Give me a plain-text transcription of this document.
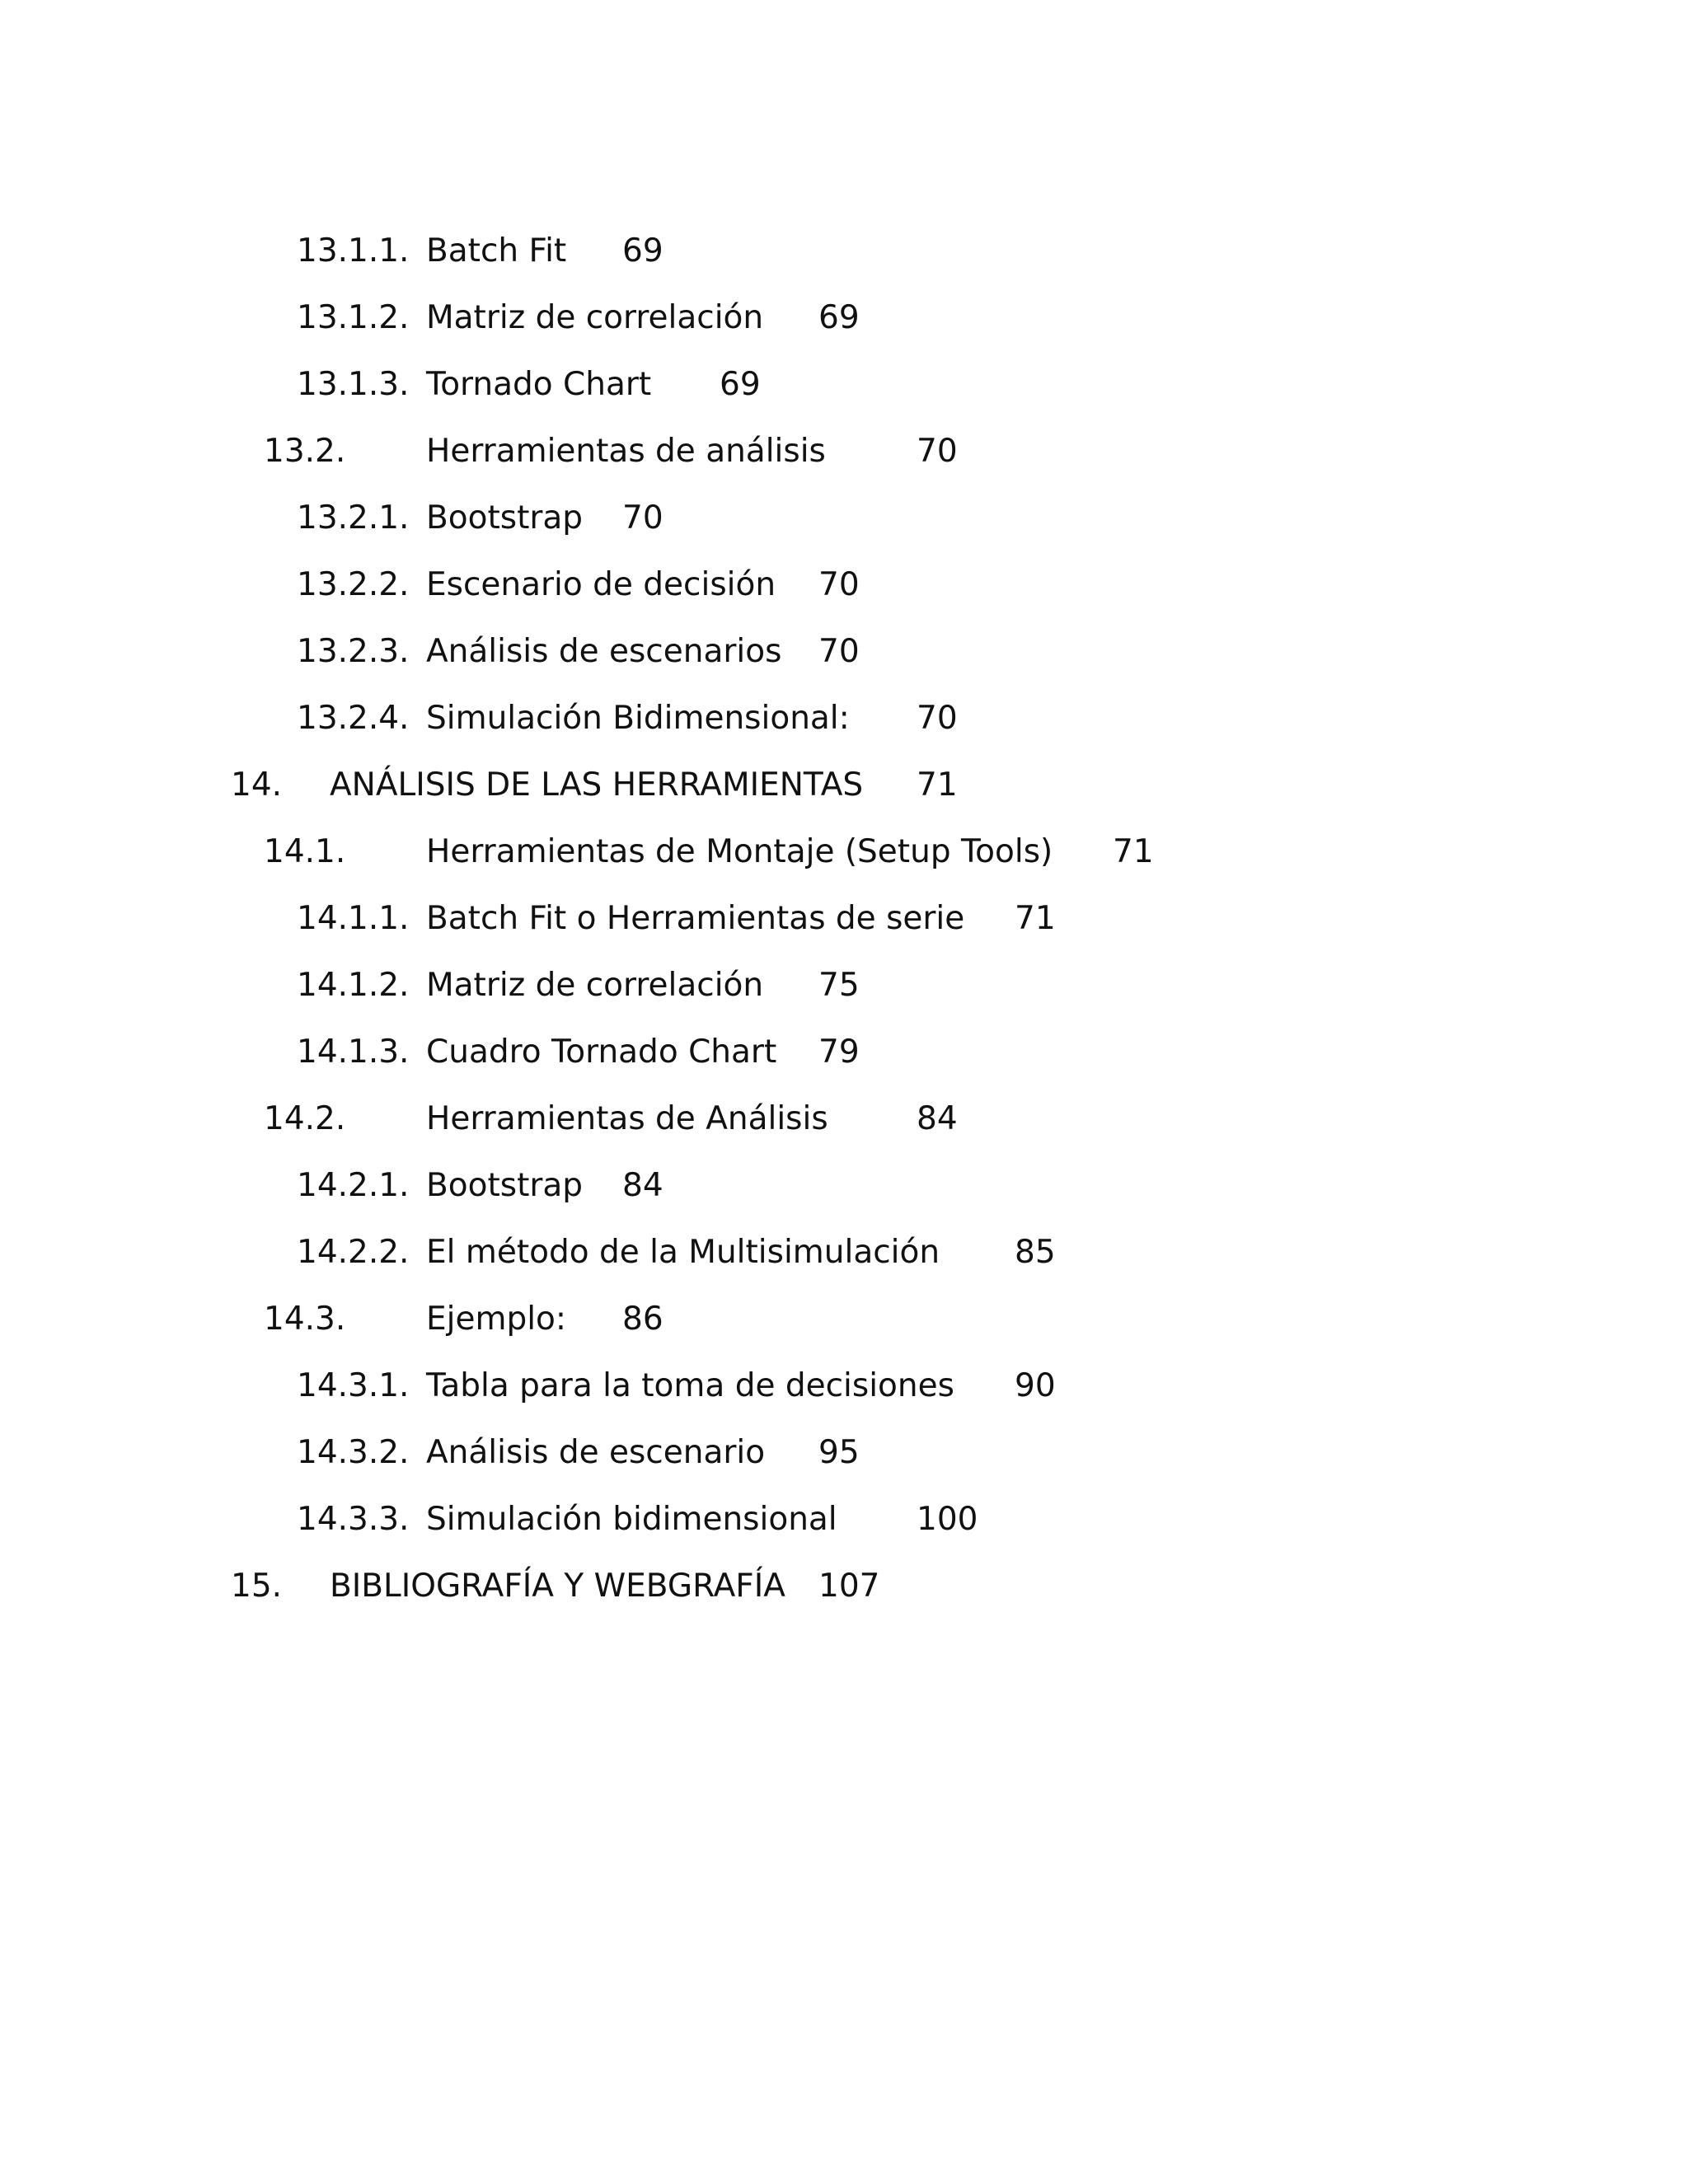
13.1.1. Batch Fit 69
13.1.2. Matriz de correlación 69
13.1.3. Tornado Chart 69
13.2.	Herramientas de análisis	70
13.2.1. Bootstrap 70
13.2.2. Escenario de decisión 70
13.2.3. Análisis de escenarios 70
13.2.4. Simulación Bidimensional: 70
14. ANÁLISIS DE LAS HERRAMIENTAS 71
14.1.	Herramientas de Montaje (Setup Tools) 71
14.1.1. Batch Fit o Herramientas de serie 71
14.1.2. Matriz de correlación 75
14.1.3. Cuadro Tornado Chart 79
14.2.	Herramientas de Análisis	84
14.2.1. Bootstrap 84
14.2.2. El método de la Multisimulación 85
14.3.	Ejemplo: 86
14.3.1. Tabla para la toma de decisiones 90
14.3.2. Análisis de escenario 95
14.3.3. Simulación bidimensional 100
15. BIBLIOGRAFÍA Y WEBGRAFÍA 107
